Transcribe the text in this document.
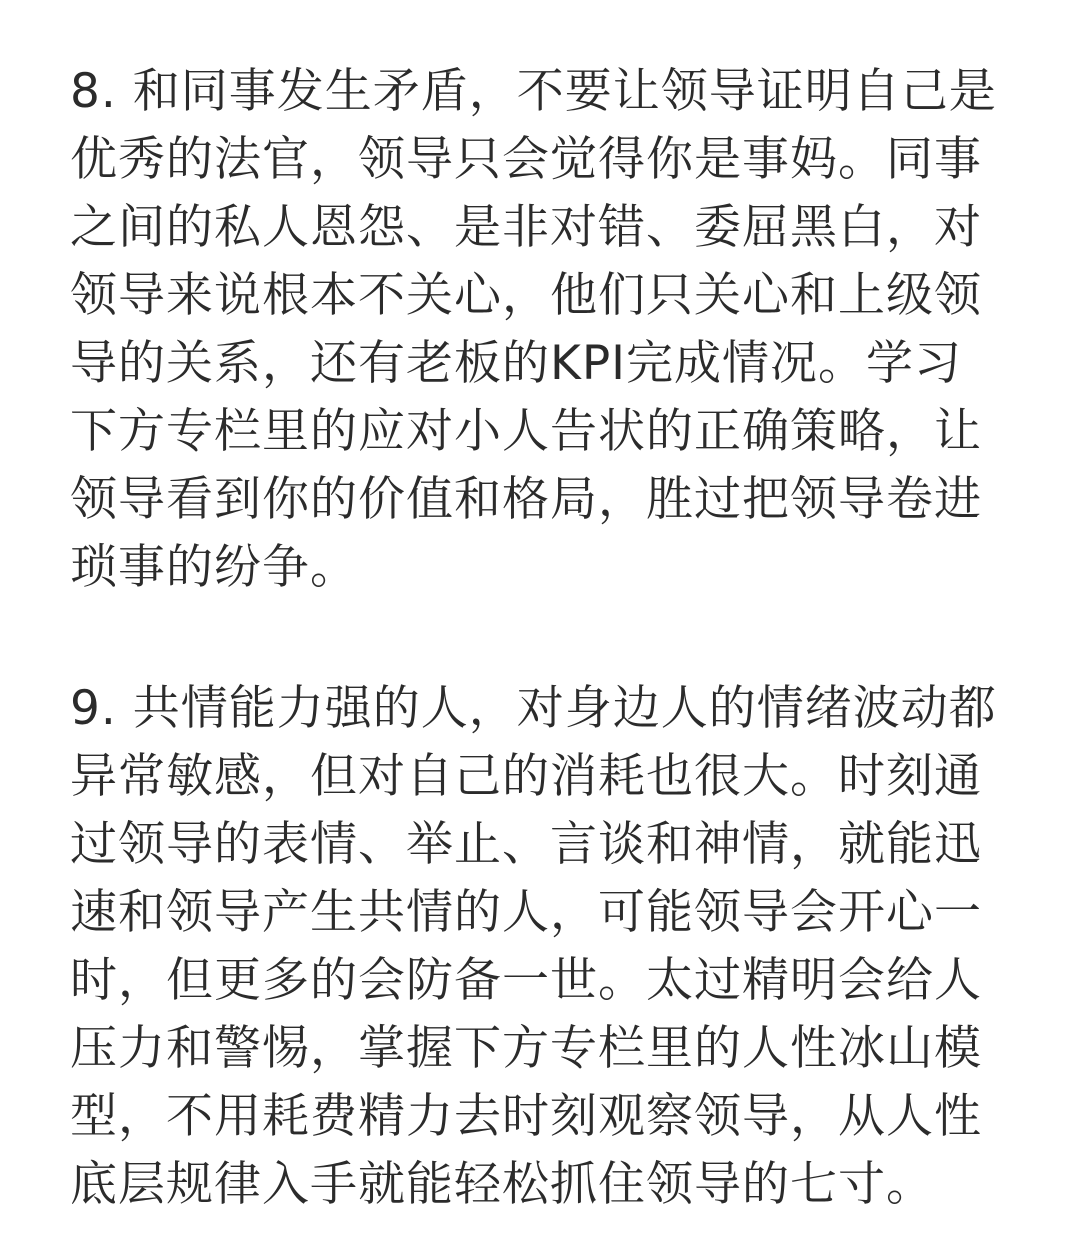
8. 和同事发生矛盾，不要让领导证明自己是
优秀的法官，领导只会觉得你是事妈。同事
之间的私人恩怨、是非对错、委屈黑白，对
领导来说根本不关心，他们只关心和上级领
导的关系，还有老板的KPI完成情况。学习
下方专栏里的应对小人告状的正确策略，让
领导看到你的价值和格局，胜过把领导卷进
琐事的纷争。
9. 共情能力强的人，对身边人的情绪波动都
异常敏感，但对自己的消耗也很大。时刻通
过领导的表情、举止、言谈和神情，就能迅
速和领导产生共情的人，可能领导会开心一
时，但更多的会防备一世。太过精明会给人
压力和警惕，掌握下方专栏里的人性冰山模
型，不用耗费精力去时刻观察领导，从人性
底层规律入手就能轻松抓住领导的七寸。
